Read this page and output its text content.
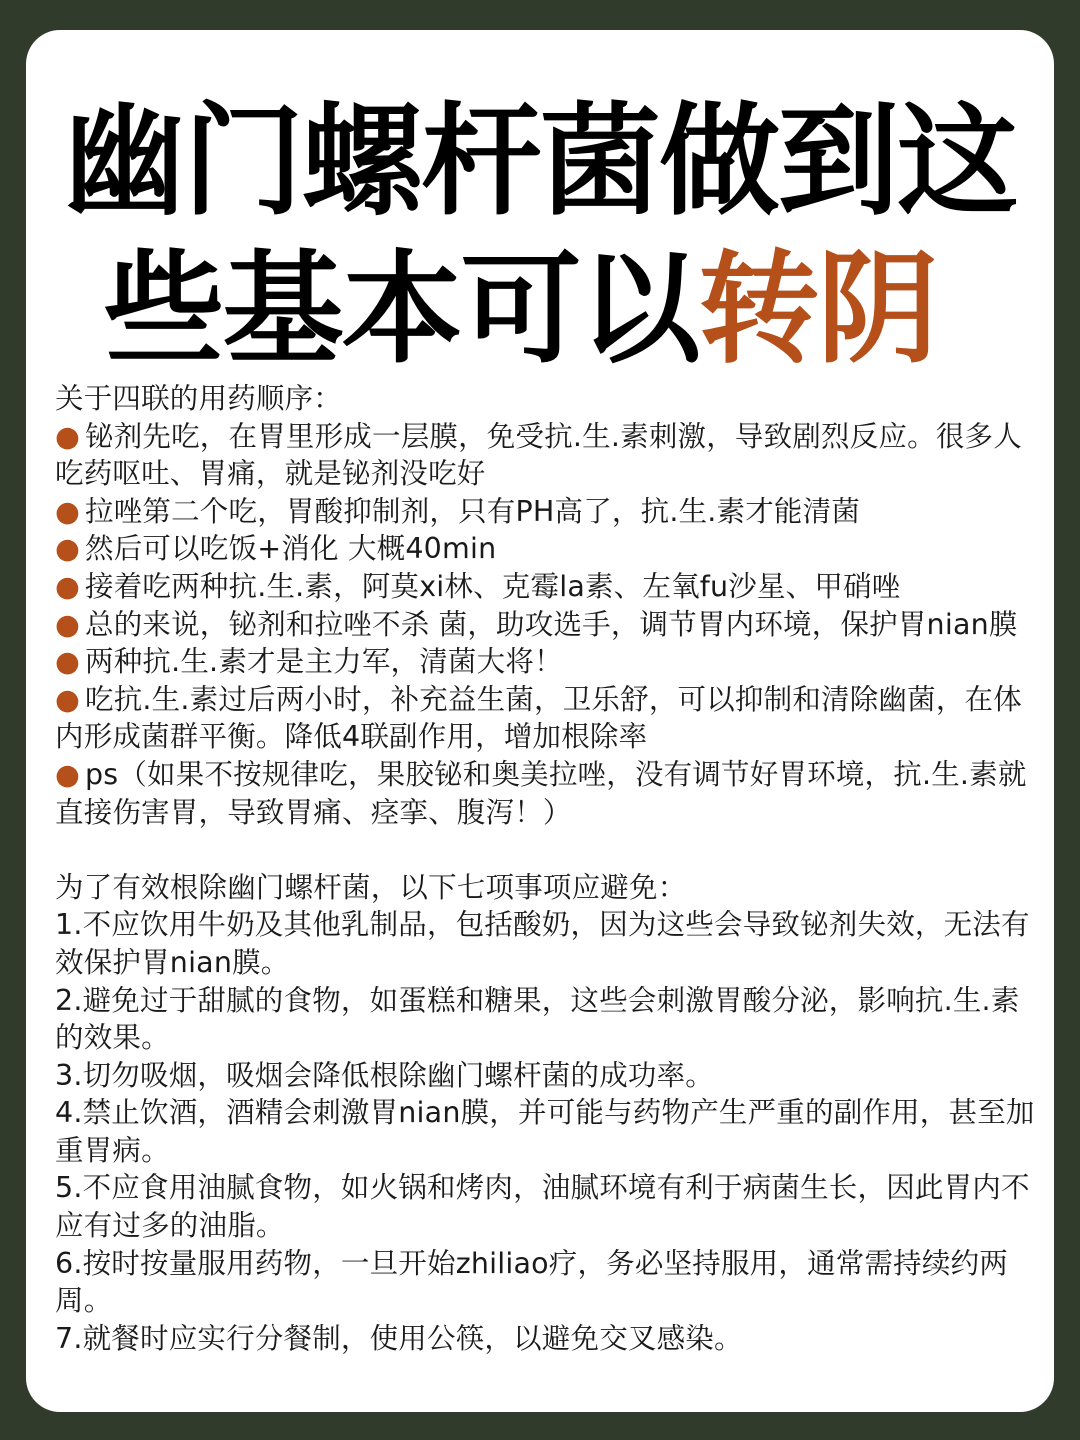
幽门螺杆菌做到这
些基本可以转阴

关于四联的用药顺序：

● 铋剂先吃，在胃里形成一层膜，免受抗.生.素刺激，导致剧烈反应。很多人吃药呕吐、胃痛，就是铋剂没吃好

● 拉唑第二个吃，胃酸抑制剂，只有PH高了，抗.生.素才能清菌

● 然后可以吃饭+消化 大概40min

● 接着吃两种抗.生.素，阿莫xi林、克霉la素、左氧fu沙星、甲硝唑

● 总的来说，铋剂和拉唑不杀 菌，助攻选手，调节胃内环境，保护胃nian膜

● 两种抗.生.素才是主力军，清菌大将！

● 吃抗.生.素过后两小时，补充益生菌，卫乐舒，可以抑制和清除幽菌，在体内形成菌群平衡。降低4联副作用，增加根除率

● ps（如果不按规律吃，果胶铋和奥美拉唑，没有调节好胃环境，抗.生.素就直接伤害胃，导致胃痛、痉挛、腹泻！）

为了有效根除幽门螺杆菌，以下七项事项应避免：

1.不应饮用牛奶及其他乳制品，包括酸奶，因为这些会导致铋剂失效，无法有效保护胃nian膜。

2.避免过于甜腻的食物，如蛋糕和糖果，这些会刺激胃酸分泌，影响抗.生.素的效果。

3.切勿吸烟，吸烟会降低根除幽门螺杆菌的成功率。

4.禁止饮酒，酒精会刺激胃nian膜，并可能与药物产生严重的副作用，甚至加重胃病。

5.不应食用油腻食物，如火锅和烤肉，油腻环境有利于病菌生长，因此胃内不应有过多的油脂。

6.按时按量服用药物，一旦开始zhiliao疗，务必坚持服用，通常需持续约两周。

7.就餐时应实行分餐制，使用公筷，以避免交叉感染。
